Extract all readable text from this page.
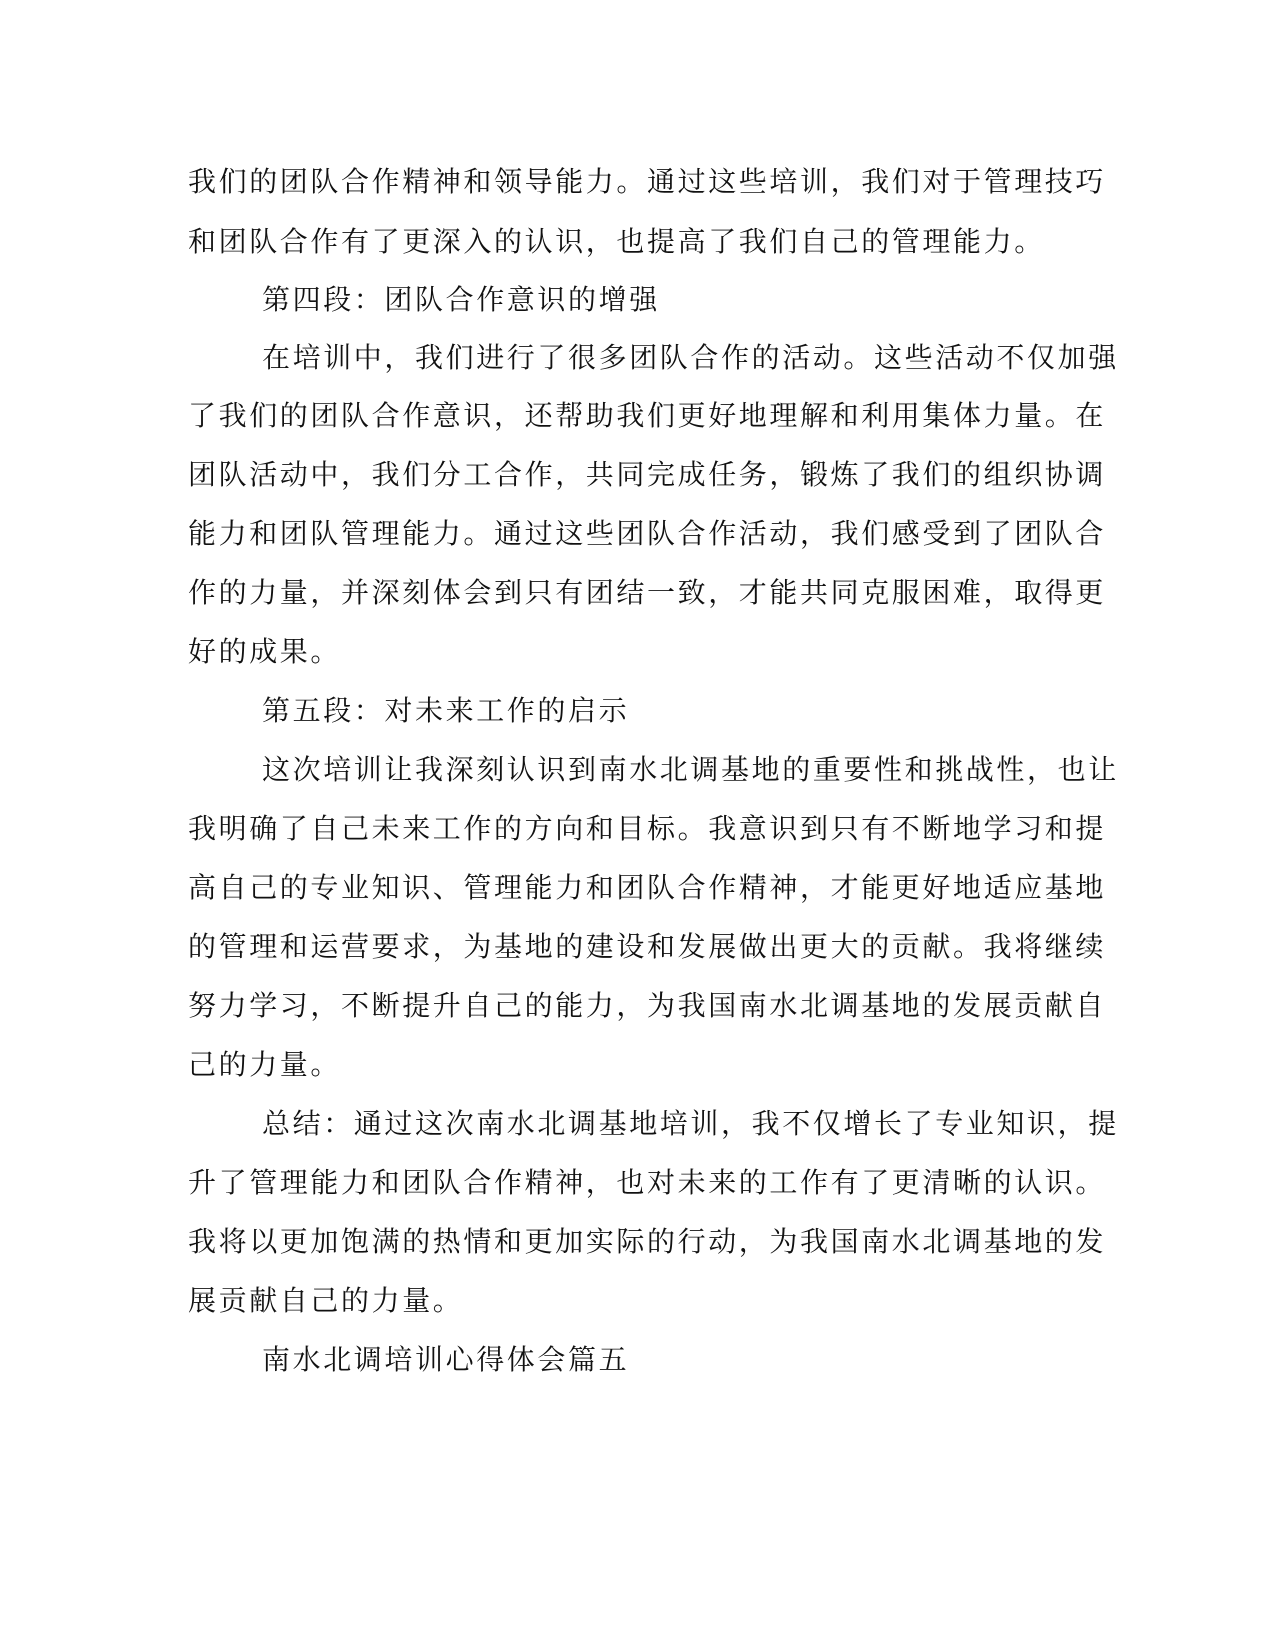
我们的团队合作精神和领导能力。通过这些培训，我们对于管理技巧
和团队合作有了更深入的认识，也提高了我们自己的管理能力。
第四段：团队合作意识的增强
在培训中，我们进行了很多团队合作的活动。这些活动不仅加强
了我们的团队合作意识，还帮助我们更好地理解和利用集体力量。在
团队活动中，我们分工合作，共同完成任务，锻炼了我们的组织协调
能力和团队管理能力。通过这些团队合作活动，我们感受到了团队合
作的力量，并深刻体会到只有团结一致，才能共同克服困难，取得更
好的成果。
第五段：对未来工作的启示
这次培训让我深刻认识到南水北调基地的重要性和挑战性，也让
我明确了自己未来工作的方向和目标。我意识到只有不断地学习和提
高自己的专业知识、管理能力和团队合作精神，才能更好地适应基地
的管理和运营要求，为基地的建设和发展做出更大的贡献。我将继续
努力学习，不断提升自己的能力，为我国南水北调基地的发展贡献自
己的力量。
总结：通过这次南水北调基地培训，我不仅增长了专业知识，提
升了管理能力和团队合作精神，也对未来的工作有了更清晰的认识。
我将以更加饱满的热情和更加实际的行动，为我国南水北调基地的发
展贡献自己的力量。
南水北调培训心得体会篇五
